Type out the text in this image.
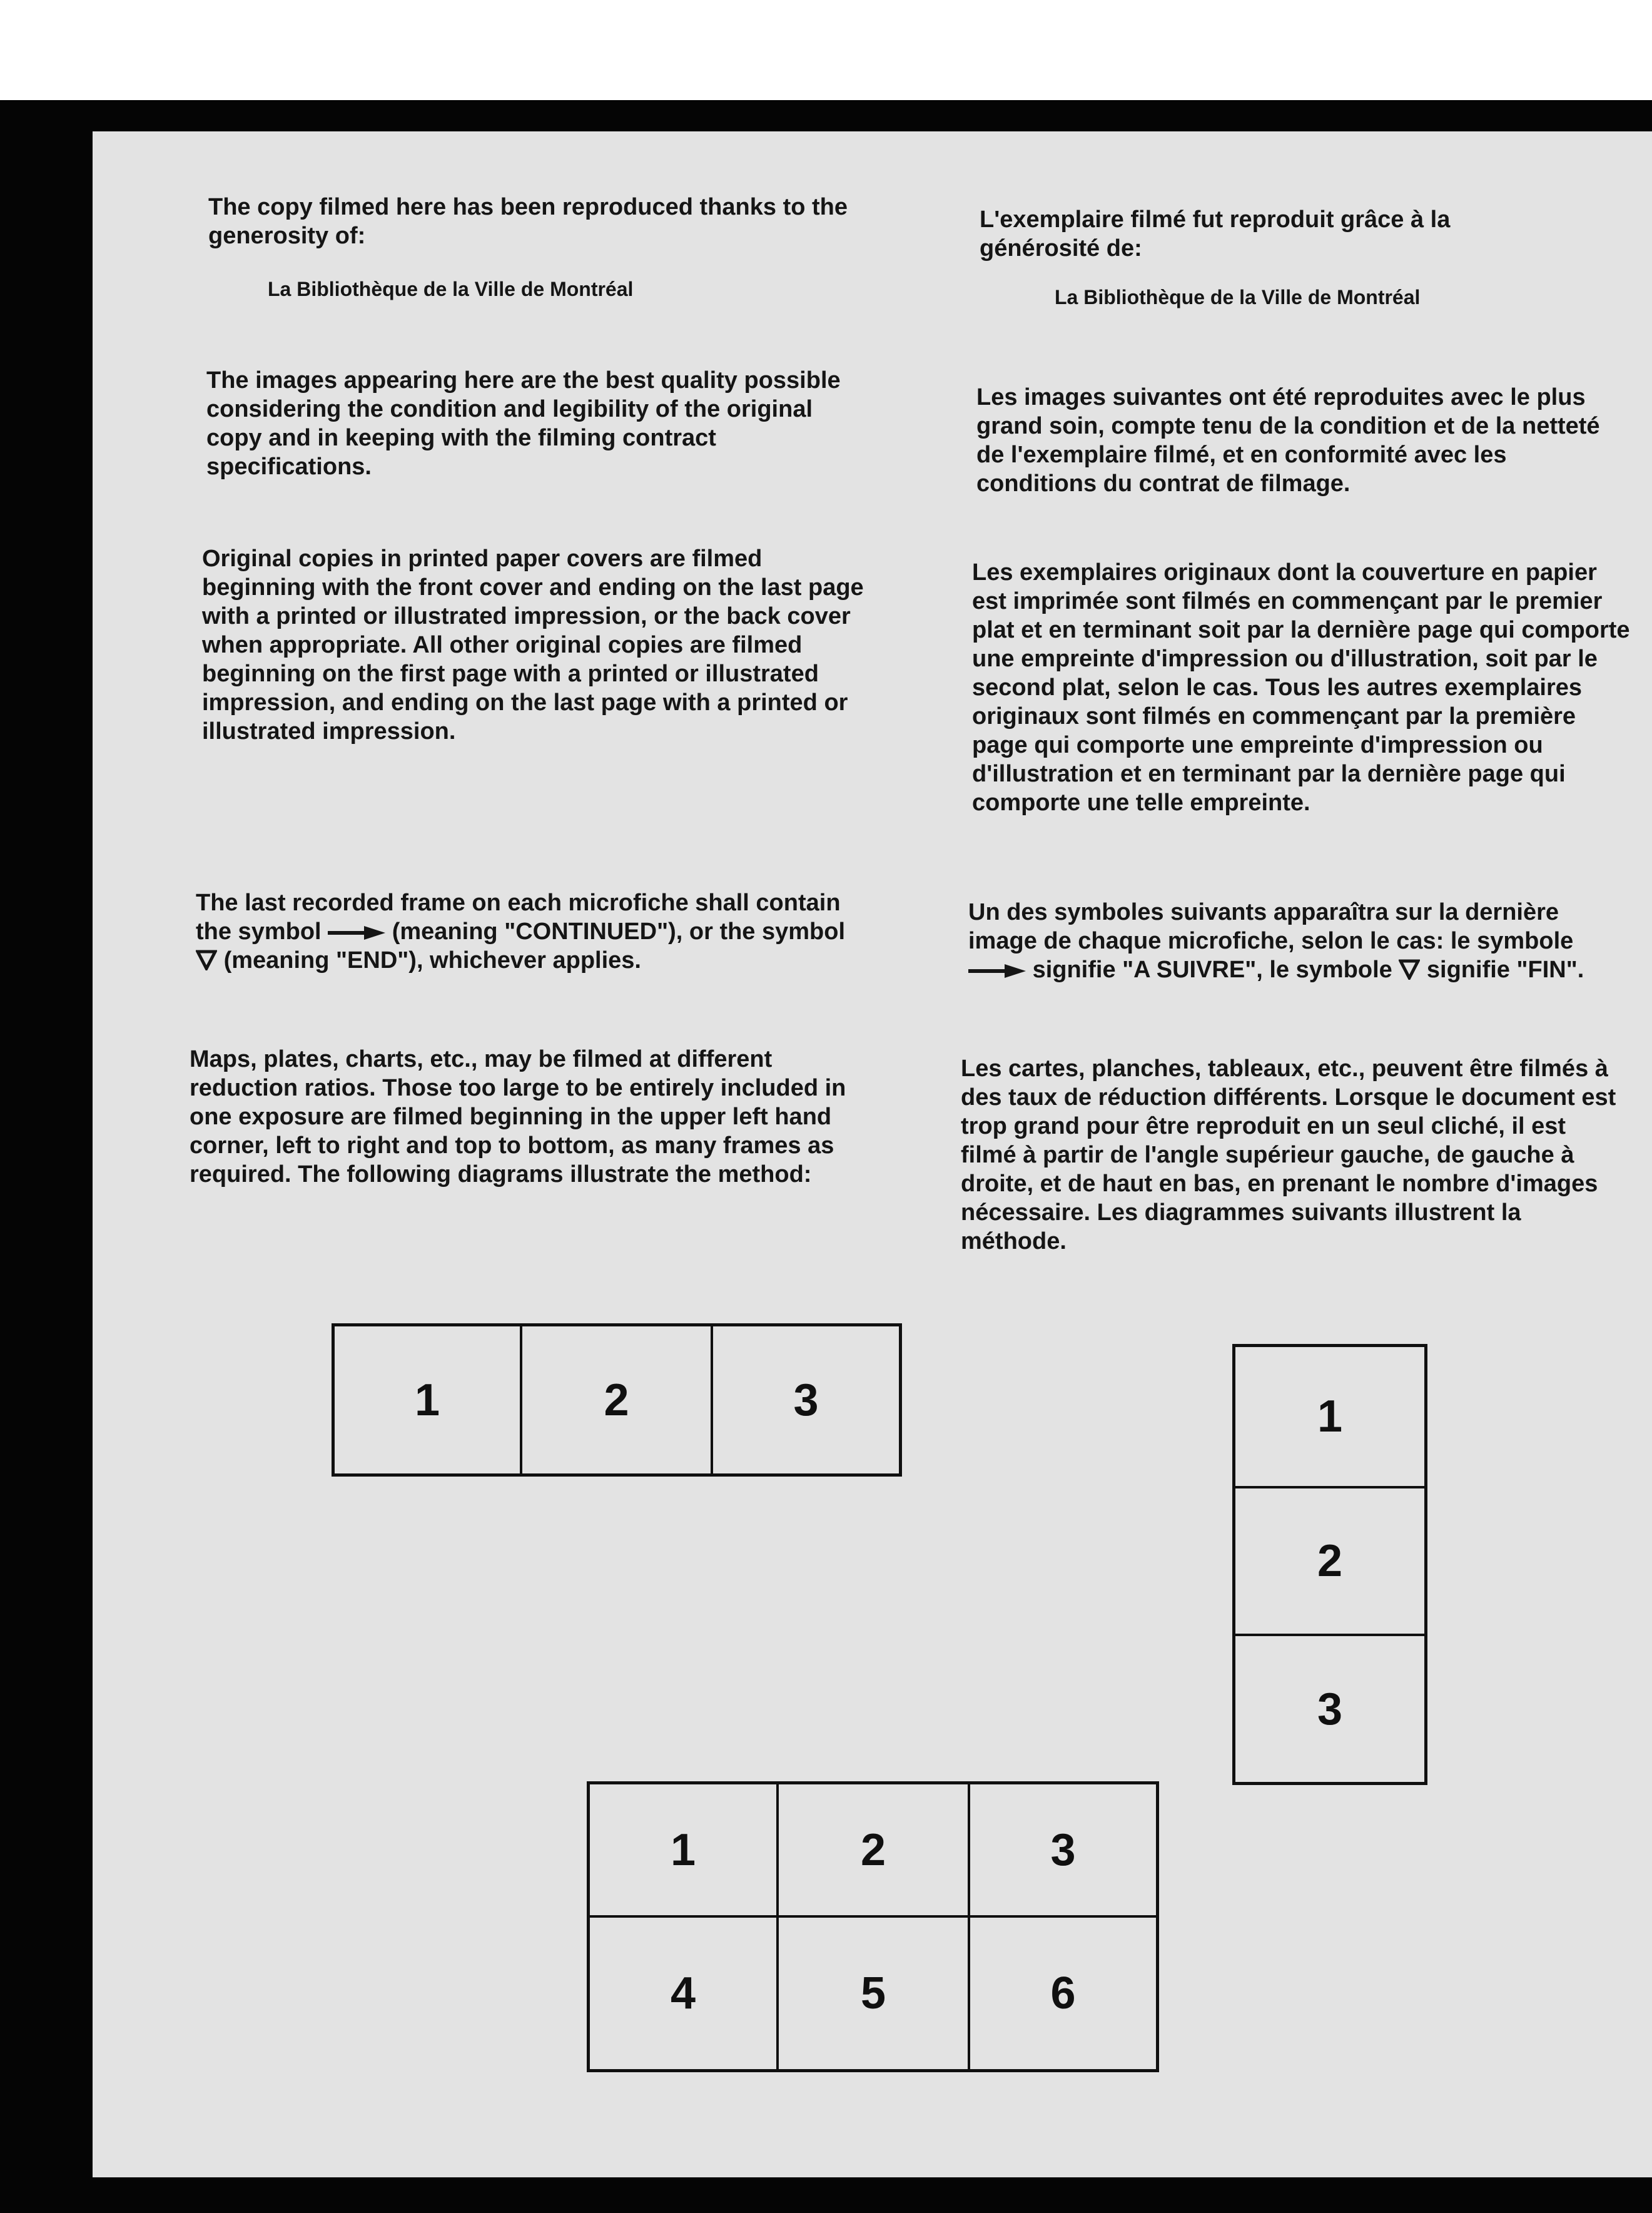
The copy filmed here has been reproduced thanks to the generosity of:

La Bibliothèque de la Ville de Montréal

The images appearing here are the best quality possible considering the condition and legibility of the original copy and in keeping with the filming contract specifications.

Original copies in printed paper covers are filmed beginning with the front cover and ending on the last page with a printed or illustrated impression, or the back cover when appropriate. All other original copies are filmed beginning on the first page with a printed or illustrated impression, and ending on the last page with a printed or illustrated impression.

The last recorded frame on each microfiche shall contain the symbol	(meaning "CONTINUED"), or the symbol  (meaning "END"), whichever applies.

Maps, plates, charts, etc., may be filmed at different reduction ratios. Those too large to be entirely included in one exposure are filmed beginning in the upper left hand corner, left to right and top to bottom, as many frames as required. The following diagrams illustrate the method:

L'exemplaire filmé fut reproduit grâce à la générosité de:

La Bibliothèque de la Ville de Montréal

Les images suivantes ont été reproduites avec le plus grand soin, compte tenu de la condition et de la netteté de l'exemplaire filmé, et en conformité avec les conditions du contrat de filmage.

Les exemplaires originaux dont la couverture en papier est imprimée sont filmés en commençant par le premier plat et en terminant soit par la dernière page qui comporte une empreinte d'impression ou d'illustration, soit par le second plat, selon le cas. Tous les autres exemplaires originaux sont filmés en commençant par la première page qui comporte une empreinte d'impression ou d'illustration et en terminant par la dernière page qui comporte une telle empreinte.

Un des symboles suivants apparaîtra sur la dernière image de chaque microfiche, selon le cas: le symbole  signifie "A SUIVRE", le symbole signifie "FIN".

Les cartes, planches, tableaux, etc., peuvent être filmés à des taux de réduction différents. Lorsque le document est trop grand pour être reproduit en un seul cliché, il est filmé à partir de l'angle supérieur gauche, de gauche à droite, et de haut en bas, en prenant le nombre d'images nécessaire. Les diagrammes suivants illustrent la méthode.

1	2	3	1
2
3
1	2	3
4	5	6
